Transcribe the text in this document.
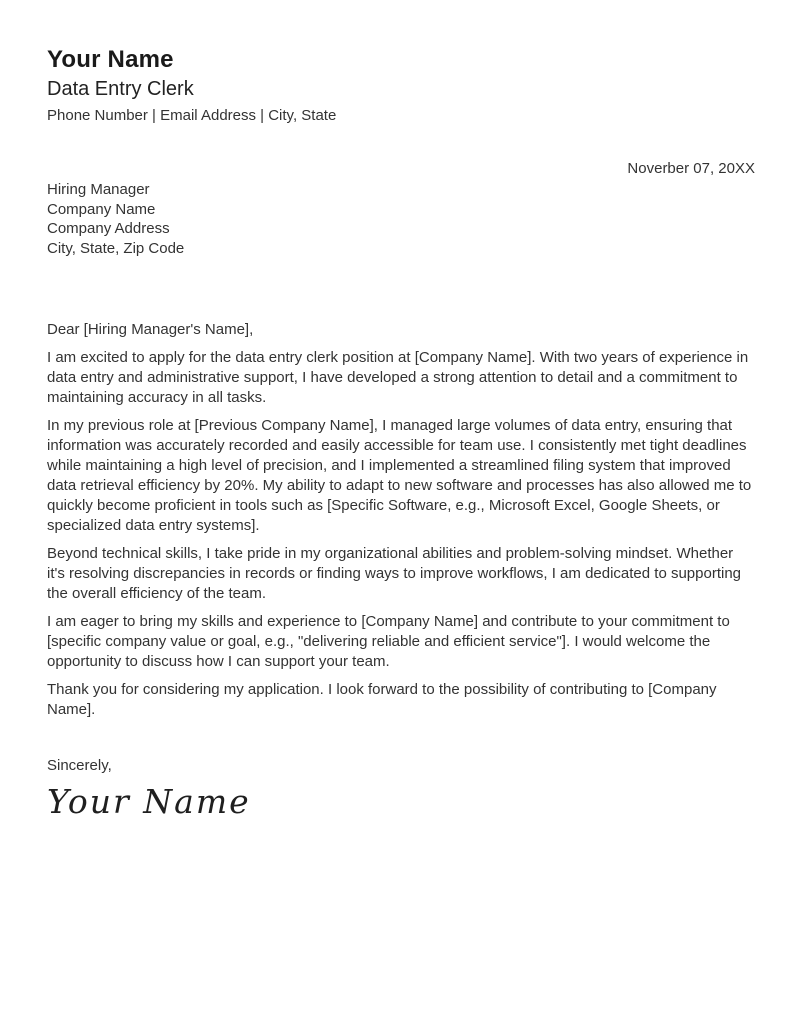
Your Name
Data Entry Clerk
Phone Number | Email Address | City, State
Noverber 07, 20XX
Hiring Manager
Company Name
Company Address
City, State, Zip Code

Dear [Hiring Manager's Name],

I am excited to apply for the data entry clerk position at [Company Name]. With two years of experience in data entry and administrative support, I have developed a strong attention to detail and a commitment to maintaining accuracy in all tasks.

In my previous role at [Previous Company Name], I managed large volumes of data entry, ensuring that information was accurately recorded and easily accessible for team use. I consistently met tight deadlines while maintaining a high level of precision, and I implemented a streamlined filing system that improved data retrieval efficiency by 20%. My ability to adapt to new software and processes has also allowed me to quickly become proficient in tools such as [Specific Software, e.g., Microsoft Excel, Google Sheets, or specialized data entry systems].

Beyond technical skills, I take pride in my organizational abilities and problem-solving mindset. Whether it's resolving discrepancies in records or finding ways to improve workflows, I am dedicated to supporting the overall efficiency of the team.

I am eager to bring my skills and experience to [Company Name] and contribute to your commitment to [specific company value or goal, e.g., "delivering reliable and efficient service"]. I would welcome the opportunity to discuss how I can support your team.

Thank you for considering my application. I look forward to the possibility of contributing to [Company Name].

Sincerely,
Your Name
